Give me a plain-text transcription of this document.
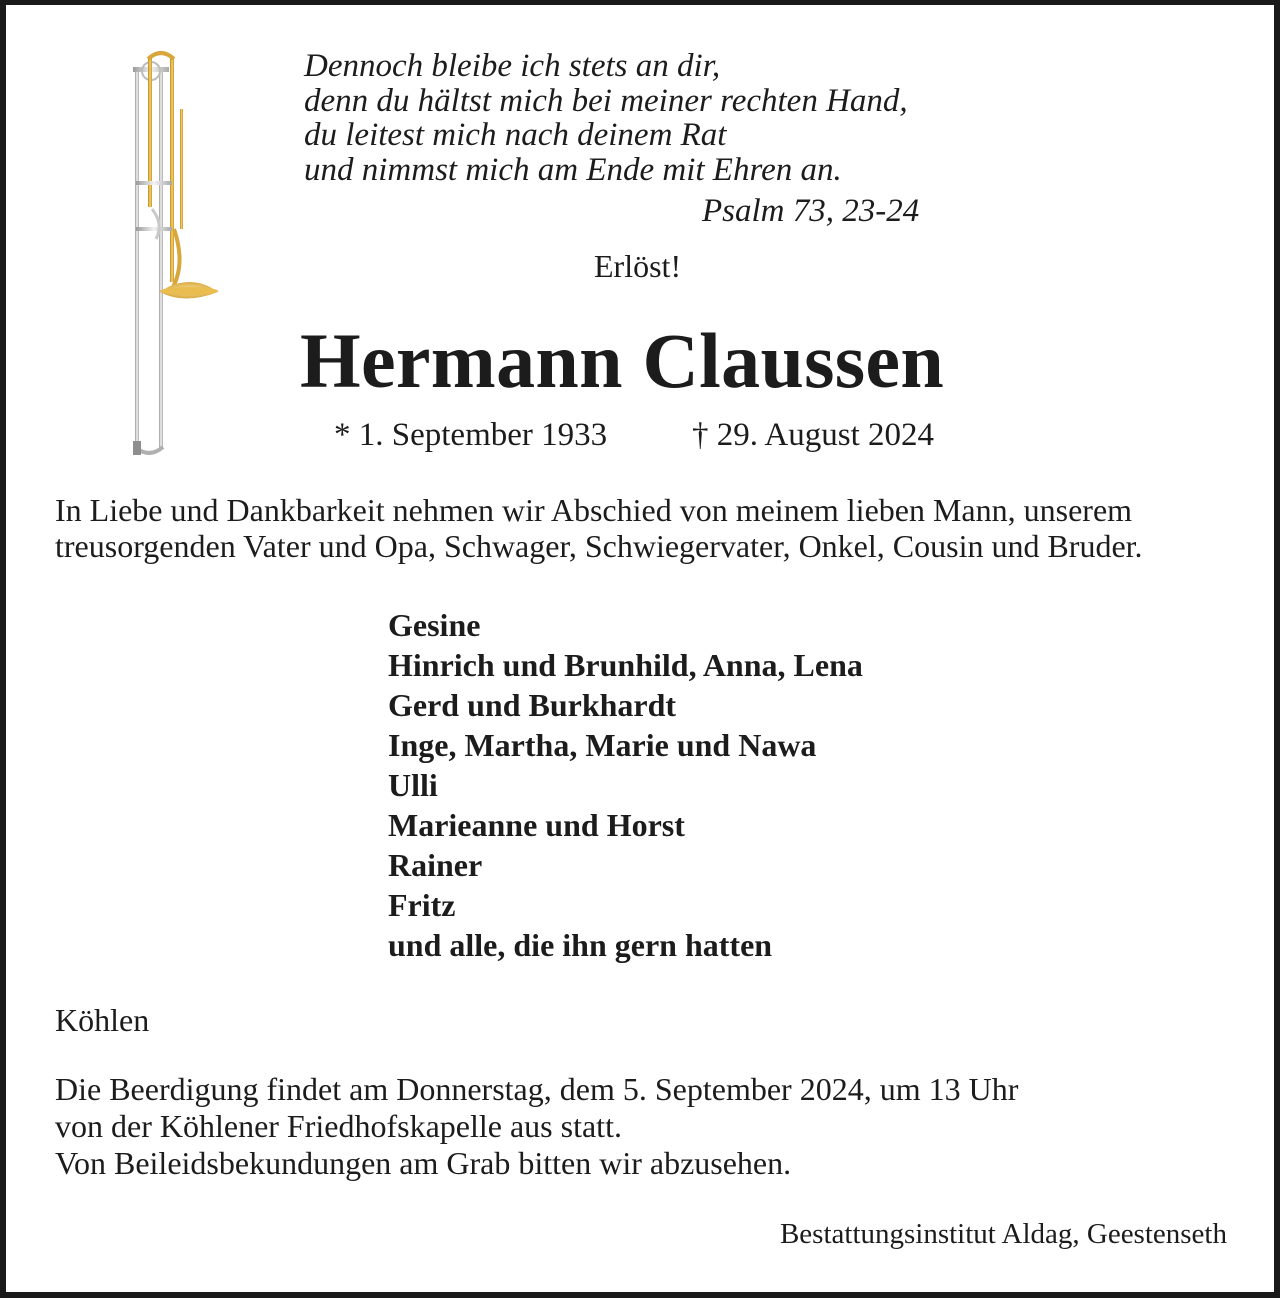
Dennoch bleibe ich stets an dir,
denn du hältst mich bei meiner rechten Hand,
du leitest mich nach deinem Rat
und nimmst mich am Ende mit Ehren an.
Psalm 73, 23-24
Erlöst!
Hermann Claussen
* 1. September 1933	† 29. August 2024
In Liebe und Dankbarkeit nehmen wir Abschied von meinem lieben Mann, unserem
treusorgenden Vater und Opa, Schwager, Schwiegervater, Onkel, Cousin und Bruder.
Gesine
Hinrich und Brunhild, Anna, Lena
Gerd und Burkhardt
Inge, Martha, Marie und Nawa
Ulli
Marieanne und Horst
Rainer
Fritz
und alle, die ihn gern hatten
Köhlen
Die Beerdigung findet am Donnerstag, dem 5. September 2024, um 13 Uhr
von der Köhlener Friedhofskapelle aus statt.
Von Beileidsbekundungen am Grab bitten wir abzusehen.
Bestattungsinstitut Aldag, Geestenseth
